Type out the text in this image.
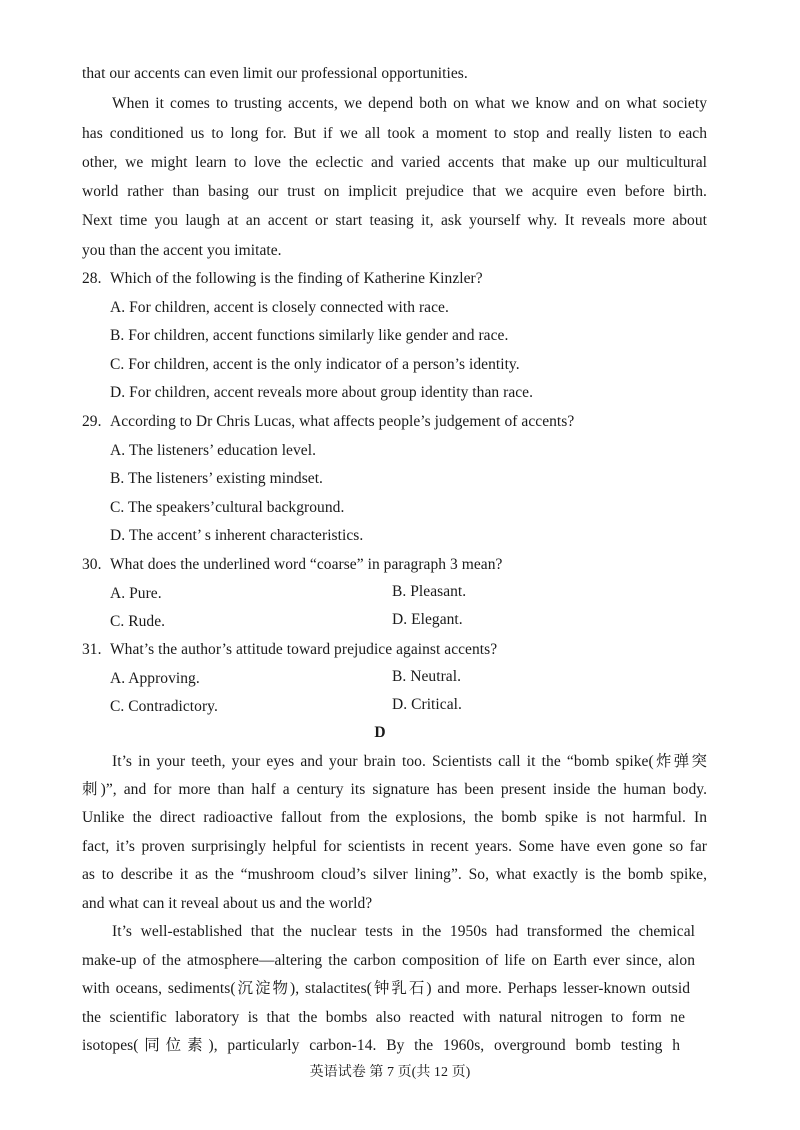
that our accents can even limit our professional opportunities.
When it comes to trusting accents, we depend both on what we know and on what society
has conditioned us to long for. But if we all took a moment to stop and really listen to each
other, we might learn to love the eclectic and varied accents that make up our multicultural
world rather than basing our trust on implicit prejudice that we acquire even before birth.
Next time you laugh at an accent or start teasing it, ask yourself why. It reveals more about
you than the accent you imitate.
28. Which of the following is the finding of Katherine Kinzler?
A. For children, accent is closely connected with race.
B. For children, accent functions similarly like gender and race.
C. For children, accent is the only indicator of a person’s identity.
D. For children, accent reveals more about group identity than race.
29. According to Dr Chris Lucas, what affects people’s judgement of accents?
A. The listeners’ education level.
B. The listeners’ existing mindset.
C. The speakers’cultural background.
D. The accent’ s inherent characteristics.
30. What does the underlined word “coarse” in paragraph 3 mean?
A. Pure.	B. Pleasant.
C. Rude.	D. Elegant.
31. What’s the author’s attitude toward prejudice against accents?
A. Approving.	B. Neutral.
C. Contradictory.	D. Critical.
D
It’s in your teeth, your eyes and your brain too. Scientists call it the “bomb spike(炸弹突
刺)”, and for more than half a century its signature has been present inside the human body.
Unlike the direct radioactive fallout from the explosions, the bomb spike is not harmful. In
fact, it’s proven surprisingly helpful for scientists in recent years. Some have even gone so far
as to describe it as the “mushroom cloud’s silver lining”. So, what exactly is the bomb spike,
and what can it reveal about us and the world?
It’s well-established that the nuclear tests in the 1950s had transformed the chemical
make-up of the atmosphere—altering the carbon composition of life on Earth ever since, alon
with oceans, sediments(沉淀物), stalactites(钟乳石) and more. Perhaps lesser-known outsid
the scientific laboratory is that the bombs also reacted with natural nitrogen to form ne
isotopes(同位素), particularly carbon-14. By the 1960s, overground bomb testing h
英语试卷 第 7 页(共 12 页)
